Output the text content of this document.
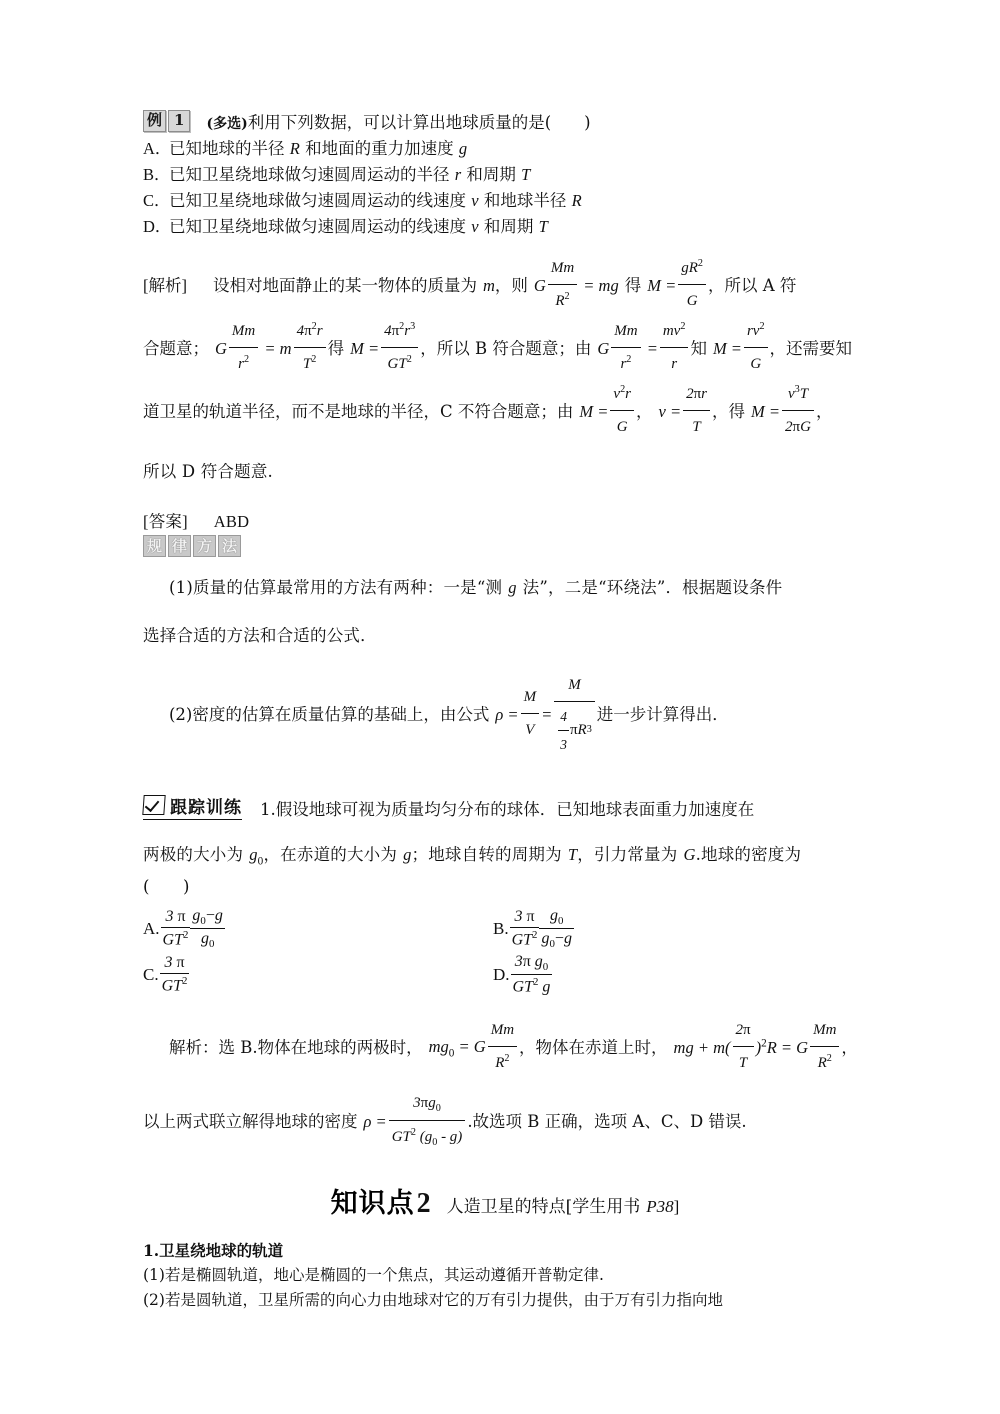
例 1	(多选)利用下列数据，可以计算出地球质量的是(　　)
A．已知地球的半径 R 和地面的重力加速度 g
B．已知卫星绕地球做匀速圆周运动的半径 r 和周期 T
C．已知卫星绕地球做匀速圆周运动的线速度 v 和地球半径 R
D．已知卫星绕地球做匀速圆周运动的线速度 v 和周期 T
[解析] 设相对地面静止的某一物体的质量为 m ，则 G $\frac{Mm}{R^2}$ = mg 得 $M = \frac{gR^2}{G}$ ，所以 A 符
合题意； G $\frac{Mm}{r^2} = m \frac{4\pi^2r}{T^2}$ 得 $M = \frac{4\pi^2r^3}{GT^2}$ ，所以 B 符合题意；由 G $\frac{Mm}{r^2} = \frac{mv^2}{r}$ 知 $M = \frac{rv^2}{G}$ ，还需要知
道卫星的轨道半径，而不是地球的半径，C 不符合题意；由 $M = \frac{v^2r}{G}$ ， $v = \frac{2\pi r}{T}$ ，得 $M = \frac{v^3T}{2\pi G}$ ，
所以 D 符合题意.
[答案] ABD
规 律 方 法
(1)质量的估算最常用的方法有两种：一是“测 g 法”，二是“环绕法”．根据题设条件
选择合适的方法和合适的公式．
(2)密度的估算在质量估算的基础上，由公式 $\rho = \frac{M}{V} = \frac{M}{\frac{4}{3} \pi R 3}$ 进一步计算得出．
跟踪训练 1.假设地球可视为质量均匀分布的球体．已知地球表面重力加速度在
两极的大小为 $g_0$，在赤道的大小为 g；地球自转的周期为 T，引力常量为 G.地球的密度为
(　　)
A. $\frac{3 \pi}{GT^2} \frac{g_0-g}{g_0}$	B. $\frac{3 \pi}{GT^2} \frac{g_0}{g_0-g}$
C. $\frac{3 \pi}{GT^2}$	D. $\frac{3\pi g_0}{GT^2 g}$
解析：选 B.物体在地球的两极时， $mg_0 = G \frac{Mm}{R^2}$ ，物体在赤道上时， mg + $m( \frac{2\pi}{T} )^2R = G \frac{Mm}{R^2}$ ，
以上两式联立解得地球的密度 $\rho = \frac{3\pi g_0}{GT^2 (g_0 - g)}$ .故选项 B 正确，选项 A、C、D 错误.
知识点 2 人造卫星的特点[学生用书 P38]
1.卫星绕地球的轨道
(1)若是椭圆轨道，地心是椭圆的一个焦点，其运动遵循开普勒定律.
(2)若是圆轨道，卫星所需的向心力由地球对它的万有引力提供，由于万有引力指向地
